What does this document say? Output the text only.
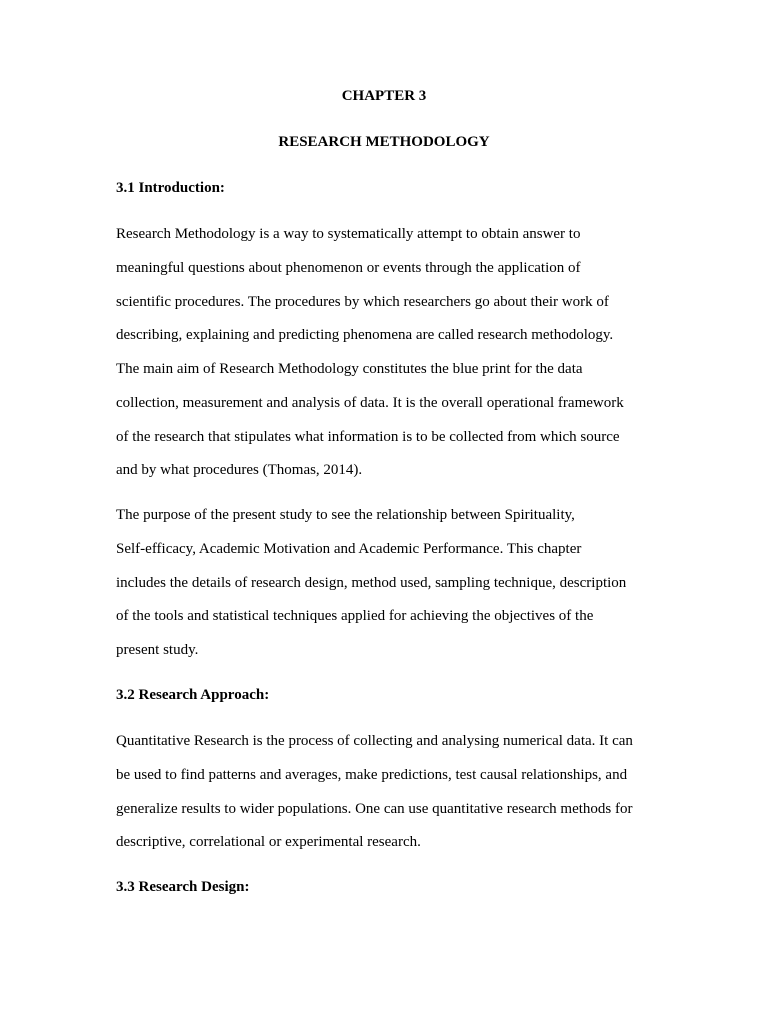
CHAPTER 3
RESEARCH METHODOLOGY
3.1 Introduction:
Research Methodology is a way to systematically attempt to obtain answer to
meaningful questions about phenomenon or events through the application of
scientific procedures. The procedures by which researchers go about their work of
describing, explaining and predicting phenomena are called research methodology.
The main aim of Research Methodology constitutes the blue print for the data
collection, measurement and analysis of data. It is the overall operational framework
of the research that stipulates what information is to be collected from which source
and by what procedures (Thomas, 2014).
The purpose of the present study to see the relationship between Spirituality,
Self-efficacy, Academic Motivation and Academic Performance. This chapter
includes the details of research design, method used, sampling technique, description
of the tools and statistical techniques applied for achieving the objectives of the
present study.
3.2 Research Approach:
Quantitative Research is the process of collecting and analysing numerical data. It can
be used to find patterns and averages, make predictions, test causal relationships, and
generalize results to wider populations. One can use quantitative research methods for
descriptive, correlational or experimental research.
3.3 Research Design:
